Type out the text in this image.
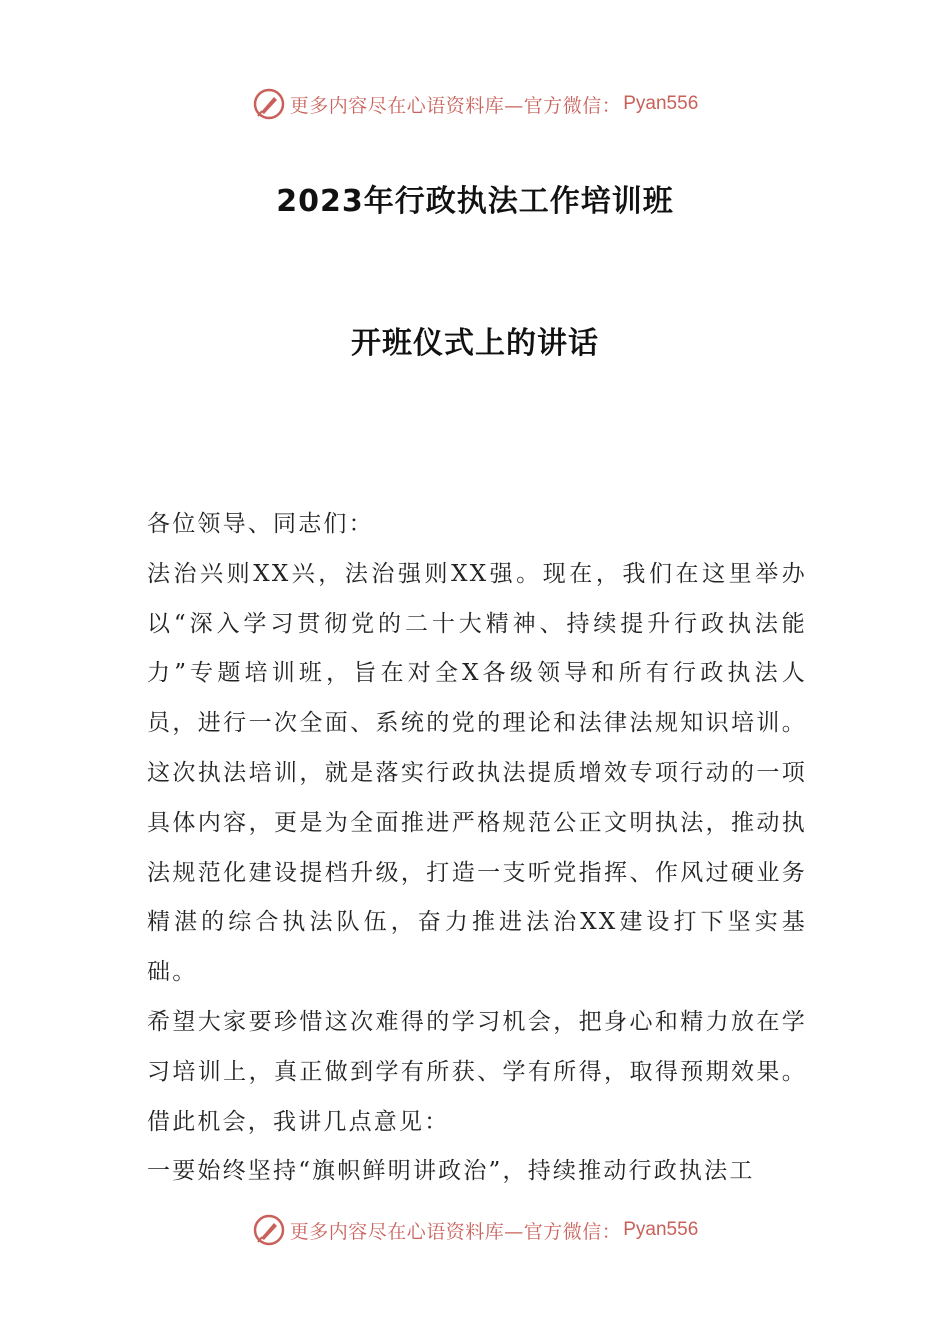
更多内容尽在心语资料库—官方微信： Pyan556
2023年行政执法工作培训班
开班仪式上的讲话

各位领导、同志们：

法治兴则XX兴，法治强则XX强。现在，我们在这里举办以“深入学习贯彻党的二十大精神、持续提升行政执法能力”专题培训班，旨在对全X各级领导和所有行政执法人员，进行一次全面、系统的党的理论和法律法规知识培训。这次执法培训，就是落实行政执法提质增效专项行动的一项具体内容，更是为全面推进严格规范公正文明执法，推动执法规范化建设提档升级，打造一支听党指挥、作风过硬业务精湛的综合执法队伍，奋力推进法治XX建设打下坚实基础。

希望大家要珍惜这次难得的学习机会，把身心和精力放在学习培训上，真正做到学有所获、学有所得，取得预期效果。借此机会，我讲几点意见：

一要始终坚持“旗帜鲜明讲政治”，持续推动行政执法工

更多内容尽在心语资料库—官方微信： Pyan556
